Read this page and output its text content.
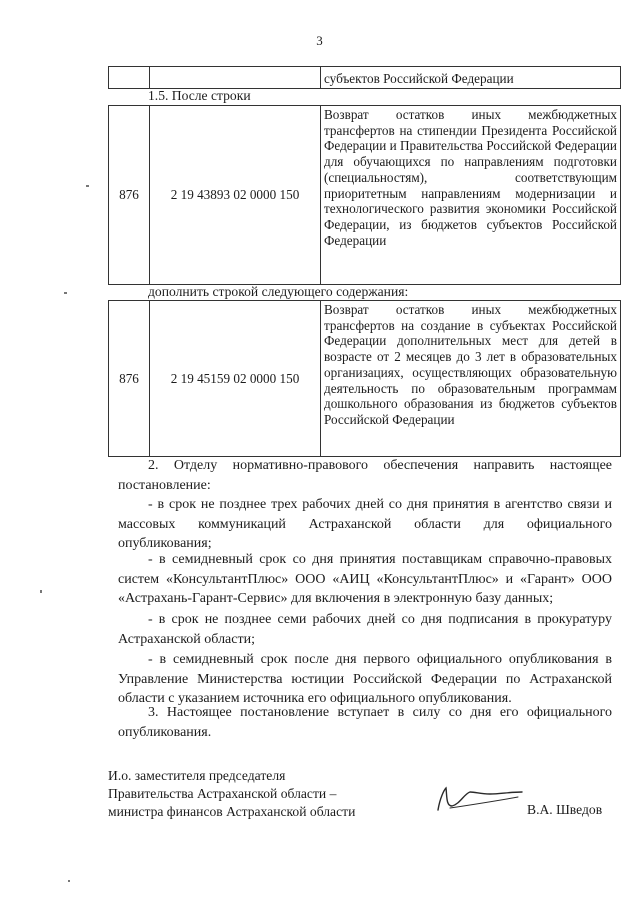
3
		субъектов Российской Федерации
1.5. После строки
876	2 19 43893 02 0000 150	Возврат остатков иных межбюджетных трансфертов на стипендии Президента Российской Федерации и Правительства Российской Федерации для обучающихся по направлениям подготовки (специальностям), соответствующим приоритетным направлениям модернизации и технологического развития экономики Российской Федерации, из бюджетов субъектов Российской Федерации
дополнить строкой следующего содержания:
876	2 19 45159 02 0000 150	Возврат остатков иных межбюджетных трансфертов на создание в субъектах Российской Федерации дополнительных мест для детей в возрасте от 2 месяцев до 3 лет в образовательных организациях, осуществляющих образовательную деятельность по образовательным программам дошкольного образования из бюджетов субъектов Российской Федерации
2. Отделу нормативно-правового обеспечения направить настоящее постановление:
- в срок не позднее трех рабочих дней со дня принятия в агентство связи и массовых коммуникаций Астраханской области для официального опубликования;
- в семидневный срок со дня принятия поставщикам справочно-правовых систем «КонсультантПлюс» ООО «АИЦ «КонсультантПлюс» и «Гарант» ООО «Астрахань-Гарант-Сервис» для включения в электронную базу данных;
- в срок не позднее семи рабочих дней со дня подписания в прокуратуру Астраханской области;
- в семидневный срок после дня первого официального опубликования в Управление Министерства юстиции Российской Федерации по Астраханской области с указанием источника его официального опубликования.
3. Настоящее постановление вступает в силу со дня его официального опубликования.
И.о. заместителя председателя
Правительства Астраханской области –
министра финансов Астраханской области	В.А. Шведов
